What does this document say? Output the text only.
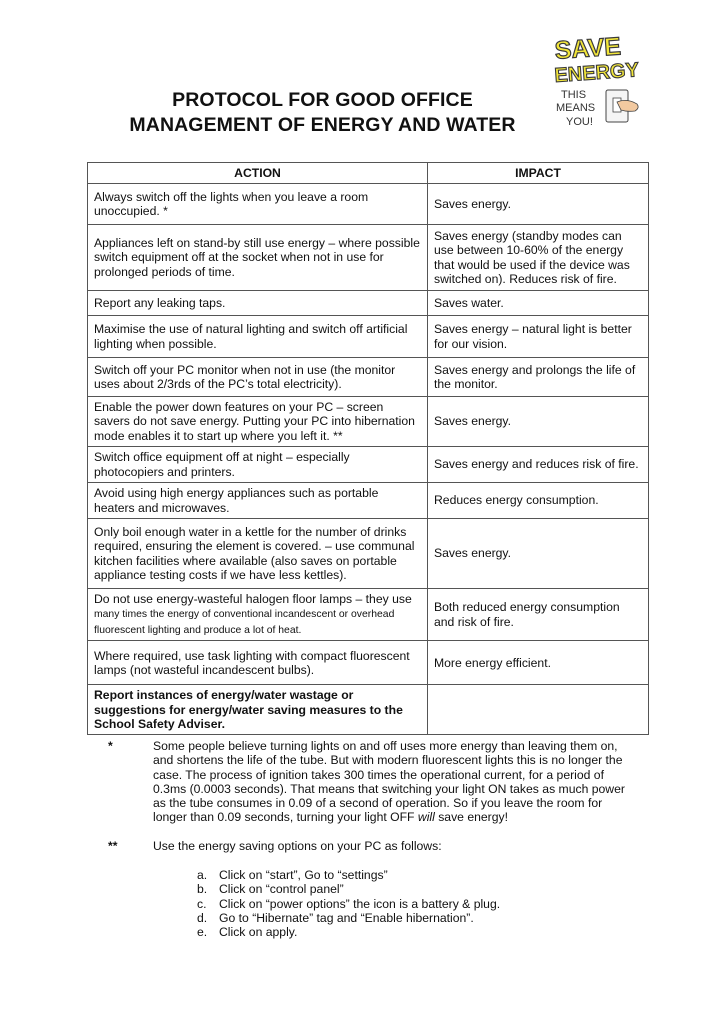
PROTOCOL FOR GOOD OFFICE
MANAGEMENT OF ENERGY AND WATER
SAVE
ENERGY
THIS
MEANS
YOU!
ACTION	IMPACT
Always switch off the lights when you leave a room unoccupied. *	Saves energy.
Appliances left on stand-by still use energy – where possible switch equipment off at the socket when not in use for prolonged periods of time.	Saves energy (standby modes can use between 10-60% of the energy that would be used if the device was switched on). Reduces risk of fire.
Report any leaking taps.	Saves water.
Maximise the use of natural lighting and switch off artificial lighting when possible.	Saves energy – natural light is better for our vision.
Switch off your PC monitor when not in use (the monitor uses about 2/3rds of the PC’s total electricity).	Saves energy and prolongs the life of the monitor.
Enable the power down features on your PC – screen savers do not save energy. Putting your PC into hibernation mode enables it to start up where you left it. **	Saves energy.
Switch office equipment off at night – especially photocopiers and printers.	Saves energy and reduces risk of fire.
Avoid using high energy appliances such as portable heaters and microwaves.	Reduces energy consumption.
Only boil enough water in a kettle for the number of drinks required, ensuring the element is covered. – use communal kitchen facilities where available (also saves on portable appliance testing costs if we have less kettles).	Saves energy.
Do not use energy-wasteful halogen floor lamps – they use
many times the energy of conventional incandescent or overhead fluorescent lighting and produce a lot of heat.	Both reduced energy consumption and risk of fire.
Where required, use task lighting with compact fluorescent lamps (not wasteful incandescent bulbs).	More energy efficient.
Report instances of energy/water wastage or suggestions for energy/water saving measures to the School Safety Adviser.	
*	Some people believe turning lights on and off uses more energy than leaving them on, and shortens the life of the tube. But with modern fluorescent lights this is no longer the case. The process of ignition takes 300 times the operational current, for a period of 0.3ms (0.0003 seconds). That means that switching your light ON takes as much power as the tube consumes in 0.09 of a second of operation. So if you leave the room for longer than 0.09 seconds, turning your light OFF will save energy!
**	Use the energy saving options on your PC as follows:
a. Click on “start”, Go to “settings”
b. Click on “control panel”
c. Click on “power options” the icon is a battery & plug.
d. Go to “Hibernate” tag and “Enable hibernation”.
e. Click on apply.
